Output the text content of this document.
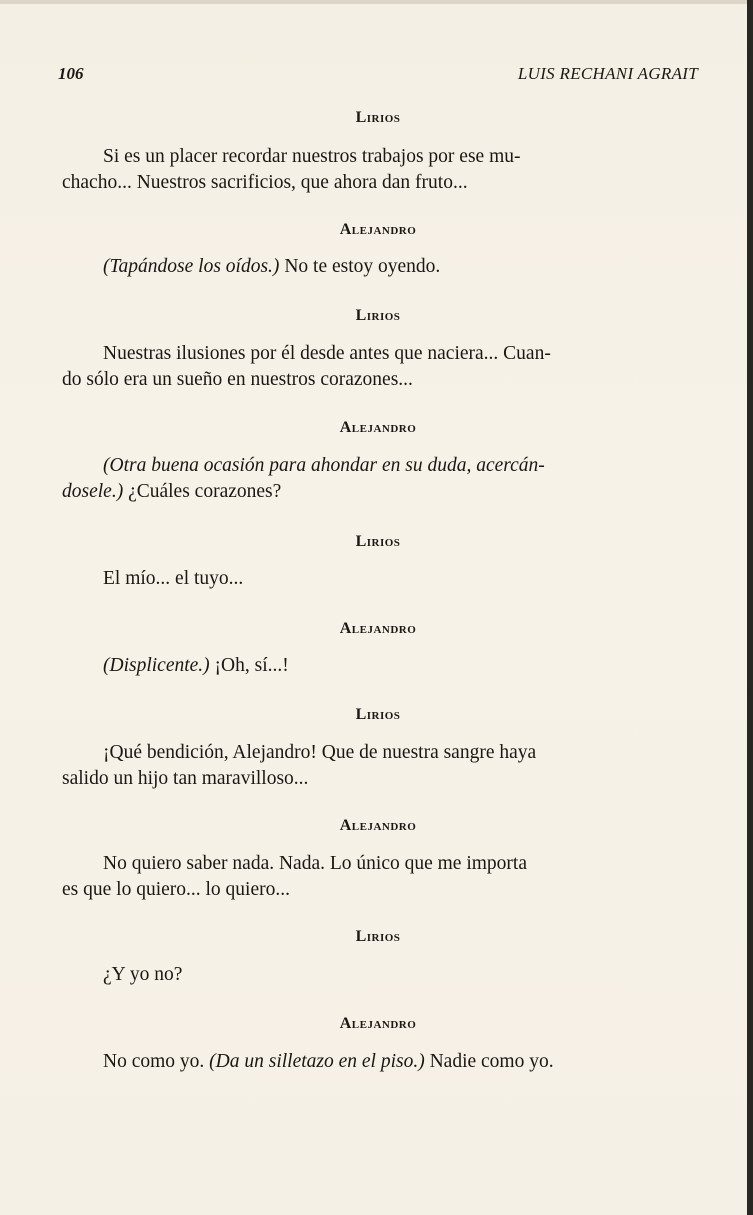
106	LUIS RECHANI AGRAIT
Lirios
Si es un placer recordar nuestros trabajos por ese mu-
chacho... Nuestros sacrificios, que ahora dan fruto...
Alejandro
(Tapándose los oídos.) No te estoy oyendo.
Lirios
Nuestras ilusiones por él desde antes que naciera... Cuan-
do sólo era un sueño en nuestros corazones...
Alejandro
(Otra buena ocasión para ahondar en su duda, acercán-
dosele.) ¿Cuáles corazones?
Lirios
El mío... el tuyo...
Alejandro
(Displicente.) ¡Oh, sí...!
Lirios
¡Qué bendición, Alejandro! Que de nuestra sangre haya
salido un hijo tan maravilloso...
Alejandro
No quiero saber nada. Nada. Lo único que me importa
es que lo quiero... lo quiero...
Lirios
¿Y yo no?
Alejandro
No como yo. (Da un silletazo en el piso.) Nadie como yo.
